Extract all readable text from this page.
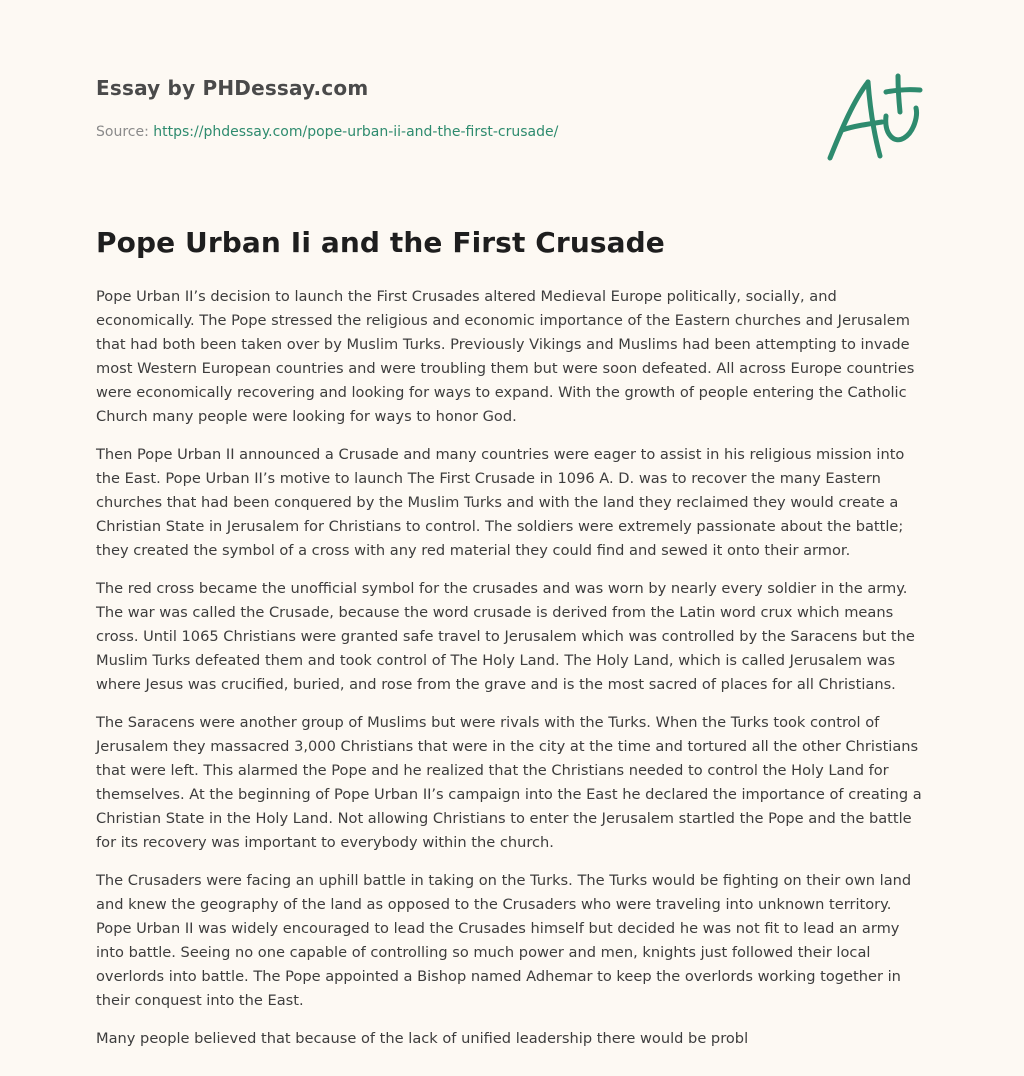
Essay by PHDessay.com
Source: https://phdessay.com/pope-urban-ii-and-the-first-crusade/
Pope Urban Ii and the First Crusade

Pope Urban II’s decision to launch the First Crusades altered Medieval Europe politically, socially, and economically. The Pope stressed the religious and economic importance of the Eastern churches and Jerusalem that had both been taken over by Muslim Turks. Previously Vikings and Muslims had been attempting to invade most Western European countries and were troubling them but were soon defeated. All across Europe countries were economically recovering and looking for ways to expand. With the growth of people entering the Catholic Church many people were looking for ways to honor God.

Then Pope Urban II announced a Crusade and many countries were eager to assist in his religious mission into the East. Pope Urban II’s motive to launch The First Crusade in 1096 A. D. was to recover the many Eastern churches that had been conquered by the Muslim Turks and with the land they reclaimed they would create a Christian State in Jerusalem for Christians to control. The soldiers were extremely passionate about the battle; they created the symbol of a cross with any red material they could find and sewed it onto their armor.

The red cross became the unofficial symbol for the crusades and was worn by nearly every soldier in the army. The war was called the Crusade, because the word crusade is derived from the Latin word crux which means cross. Until 1065 Christians were granted safe travel to Jerusalem which was controlled by the Saracens but the Muslim Turks defeated them and took control of The Holy Land. The Holy Land, which is called Jerusalem was where Jesus was crucified, buried, and rose from the grave and is the most sacred of places for all Christians.

The Saracens were another group of Muslims but were rivals with the Turks. When the Turks took control of Jerusalem they massacred 3,000 Christians that were in the city at the time and tortured all the other Christians that were left. This alarmed the Pope and he realized that the Christians needed to control the Holy Land for themselves. At the beginning of Pope Urban II’s campaign into the East he declared the importance of creating a Christian State in the Holy Land. Not allowing Christians to enter the Jerusalem startled the Pope and the battle for its recovery was important to everybody within the church.

The Crusaders were facing an uphill battle in taking on the Turks. The Turks would be fighting on their own land and knew the geography of the land as opposed to the Crusaders who were traveling into unknown territory. Pope Urban II was widely encouraged to lead the Crusades himself but decided he was not fit to lead an army into battle. Seeing no one capable of controlling so much power and men, knights just followed their local overlords into battle. The Pope appointed a Bishop named Adhemar to keep the overlords working together in their conquest into the East.

Many people believed that because of the lack of unified leadership there would be probl
